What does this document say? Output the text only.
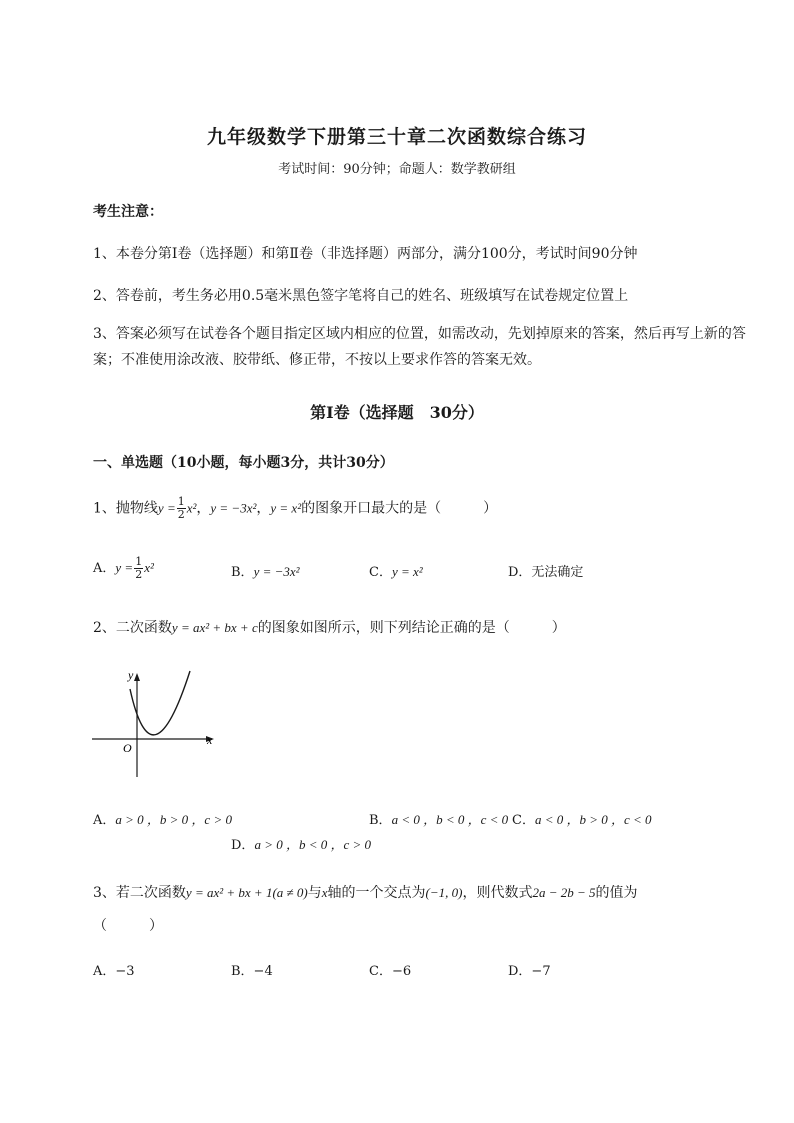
九年级数学下册第三十章二次函数综合练习
考试时间：90分钟；命题人：数学教研组
考生注意：
1、本卷分第Ⅰ卷（选择题）和第Ⅱ卷（非选择题）两部分，满分100分，考试时间90分钟
2、答卷前，考生务必用0.5毫米黑色签字笔将自己的姓名、班级填写在试卷规定位置上
3、答案必须写在试卷各个题目指定区域内相应的位置，如需改动，先划掉原来的答案，然后再写上新的答案；不准使用涂改液、胶带纸、修正带，不按以上要求作答的答案无效。
第Ⅰ卷（选择题　30分）
一、单选题（10小题，每小题3分，共计30分）
1、抛物线$y = \frac{1}{2} x^2$，y = −3x²，y = x²的图象开口最大的是（　　　）
A．$y = \frac{1}{2} x^2$	B．y = −3x²	C．y = x²	D．无法确定
2、二次函数y = ax² + bx + c的图象如图所示，则下列结论正确的是（　　　）
y
x
O
A．a > 0 ，b > 0 ，c > 0	B．a < 0 ，b < 0 ，c < 0 C．a < 0 ，b > 0 ，c < 0
D．a > 0 ，b < 0 ，c > 0
3、若二次函数y = ax² + bx + 1(a ≠ 0)与x轴的一个交点为(−1, 0)，则代数式2a − 2b − 5的值为
（　　　）
A．−3	B．−4	C．−6	D．−7
